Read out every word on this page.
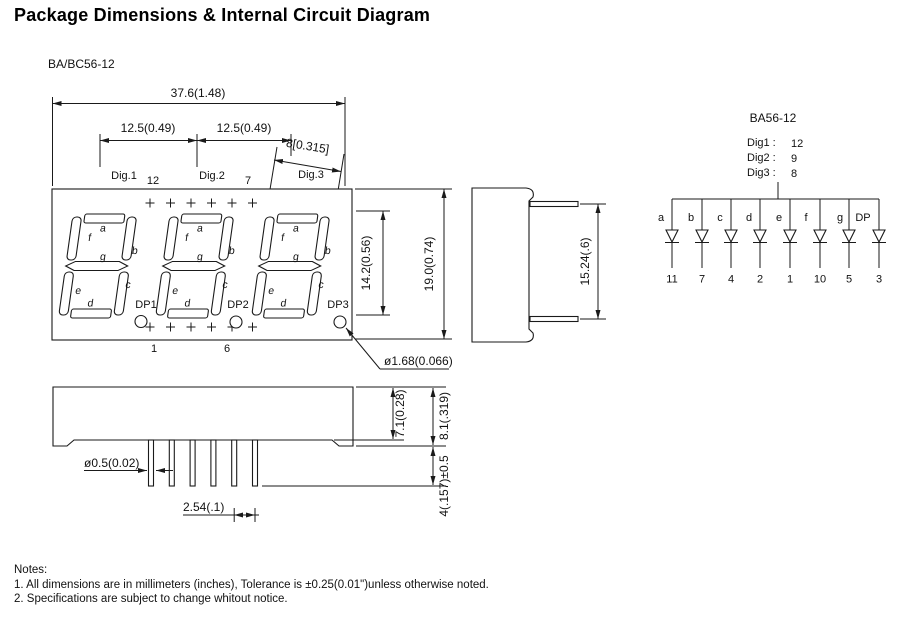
Package Dimensions & Internal Circuit Diagram
BA/BC56-12
37.6(1.48)
12.5(0.49)	12.5(0.49)
8[0.315]
Dig.1	Dig.2	Dig.3
12	7
a
f
b
g
e
c
d
a
f
b
g
e
c
d
a
f
b
g
e
c
d
DP1	DP2	DP3
1	6
14.2(0.56)	19.0(0.74)
ø1.68(0.066)
15.24(.6)
ø0.5(0.02)
2.54(.1)
7.1(0.28)	8.1(.319)
4(.157)±0.5
BA56-12
Dig1 : 12
Dig2 : 9
Dig3 : 8
a
11
b
7
c
4
d
2
e
1
f
10
g
5
DP
3
Notes:
1. All dimensions are in millimeters (inches), Tolerance is ±0.25(0.01")unless otherwise noted.
2. Specifications are subject to change whitout notice.
